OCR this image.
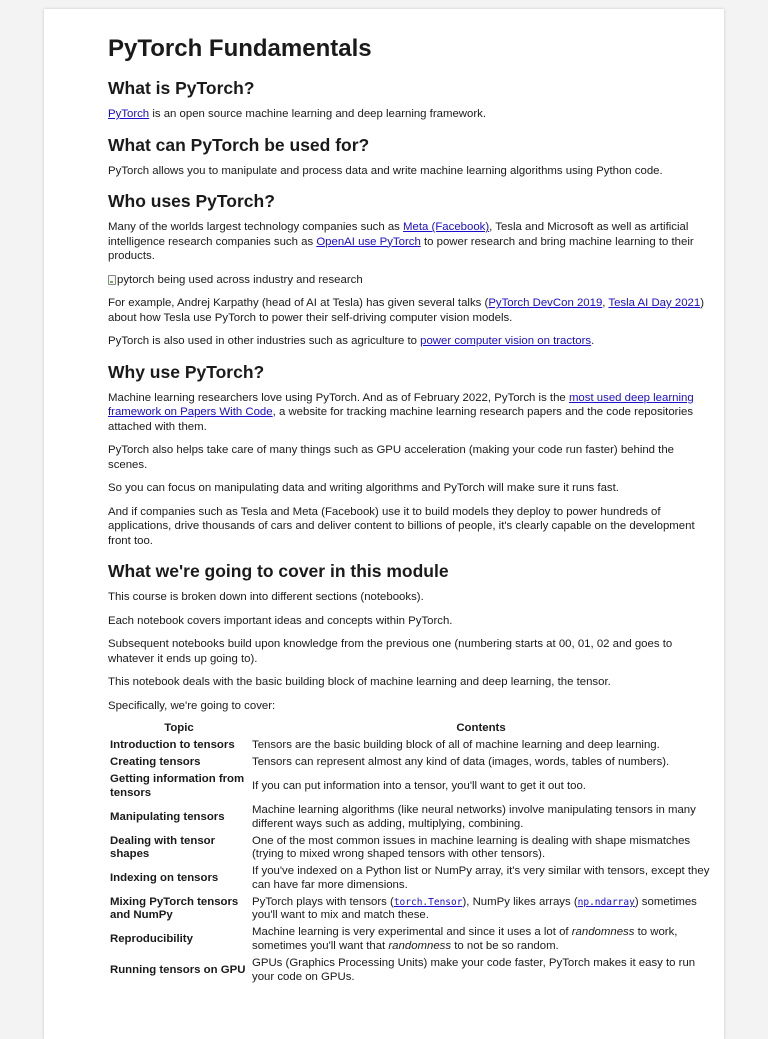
PyTorch Fundamentals
What is PyTorch?

PyTorch is an open source machine learning and deep learning framework.

What can PyTorch be used for?

PyTorch allows you to manipulate and process data and write machine learning algorithms using Python code.

Who uses PyTorch?

Many of the worlds largest technology companies such as Meta (Facebook), Tesla and Microsoft as well as artificial intelligence research companies such as OpenAI use PyTorch to power research and bring machine learning to their products.

pytorch being used across industry and research

For example, Andrej Karpathy (head of AI at Tesla) has given several talks (PyTorch DevCon 2019, Tesla AI Day 2021) about how Tesla use PyTorch to power their self-driving computer vision models.

PyTorch is also used in other industries such as agriculture to power computer vision on tractors.

Why use PyTorch?

Machine learning researchers love using PyTorch. And as of February 2022, PyTorch is the most used deep learning framework on Papers With Code, a website for tracking machine learning research papers and the code repositories attached with them.

PyTorch also helps take care of many things such as GPU acceleration (making your code run faster) behind the scenes.

So you can focus on manipulating data and writing algorithms and PyTorch will make sure it runs fast.

And if companies such as Tesla and Meta (Facebook) use it to build models they deploy to power hundreds of applications, drive thousands of cars and deliver content to billions of people, it's clearly capable on the development front too.

What we're going to cover in this module

This course is broken down into different sections (notebooks).

Each notebook covers important ideas and concepts within PyTorch.

Subsequent notebooks build upon knowledge from the previous one (numbering starts at 00, 01, 02 and goes to whatever it ends up going to).

This notebook deals with the basic building block of machine learning and deep learning, the tensor.

Specifically, we're going to cover:

Topic	Contents
Introduction to tensors	Tensors are the basic building block of all of machine learning and deep learning.
Creating tensors	Tensors can represent almost any kind of data (images, words, tables of numbers).
Getting information from tensors	If you can put information into a tensor, you'll want to get it out too.
Manipulating tensors	Machine learning algorithms (like neural networks) involve manipulating tensors in many different ways such as adding, multiplying, combining.
Dealing with tensor shapes	One of the most common issues in machine learning is dealing with shape mismatches (trying to mixed wrong shaped tensors with other tensors).
Indexing on tensors	If you've indexed on a Python list or NumPy array, it's very similar with tensors, except they can have far more dimensions.
Mixing PyTorch tensors and NumPy	PyTorch plays with tensors (torch.Tensor), NumPy likes arrays (np.ndarray) sometimes you'll want to mix and match these.
Reproducibility	Machine learning is very experimental and since it uses a lot of randomness to work, sometimes you'll want that randomness to not be so random.
Running tensors on GPU	GPUs (Graphics Processing Units) make your code faster, PyTorch makes it easy to run your code on GPUs.
